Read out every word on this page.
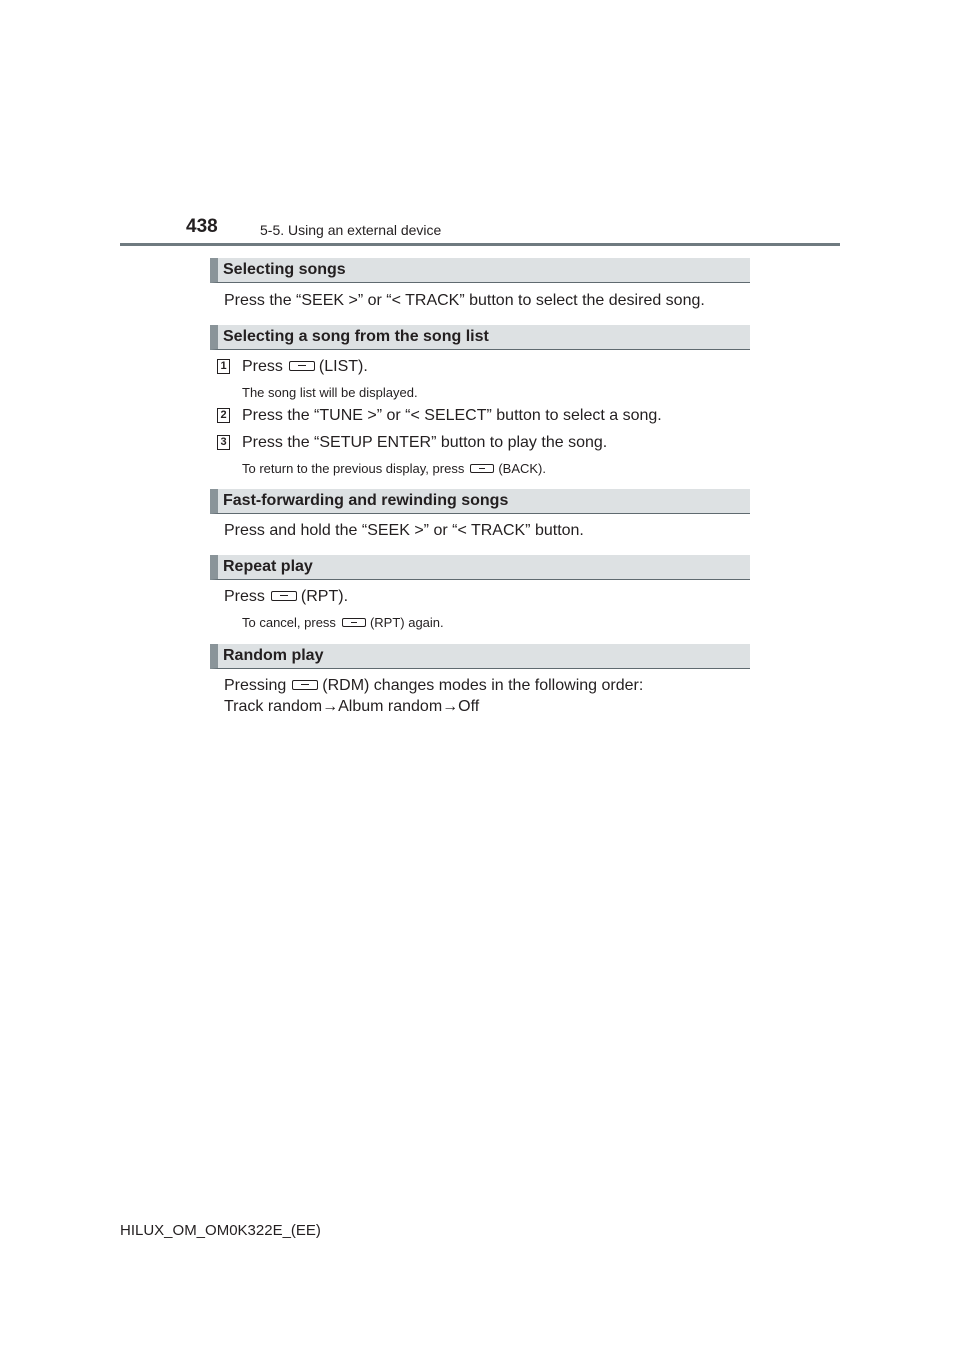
438	5-5. Using an external device
Selecting songs
Press the “SEEK >” or “< TRACK” button to select the desired song.
Selecting a song from the song list
1 Press (LIST).
The song list will be displayed.
2 Press the “TUNE >” or “< SELECT” button to select a song.
3 Press the “SETUP ENTER” button to play the song.
To return to the previous display, press	(BACK).
Fast-forwarding and rewinding songs
Press and hold the “SEEK >” or “< TRACK” button.
Repeat play
Press (RPT).
To cancel, press	(RPT) again.
Random play
Pressing (RDM) changes modes in the following order:
Track random→Album random→Off
HILUX_OM_OM0K322E_(EE)
